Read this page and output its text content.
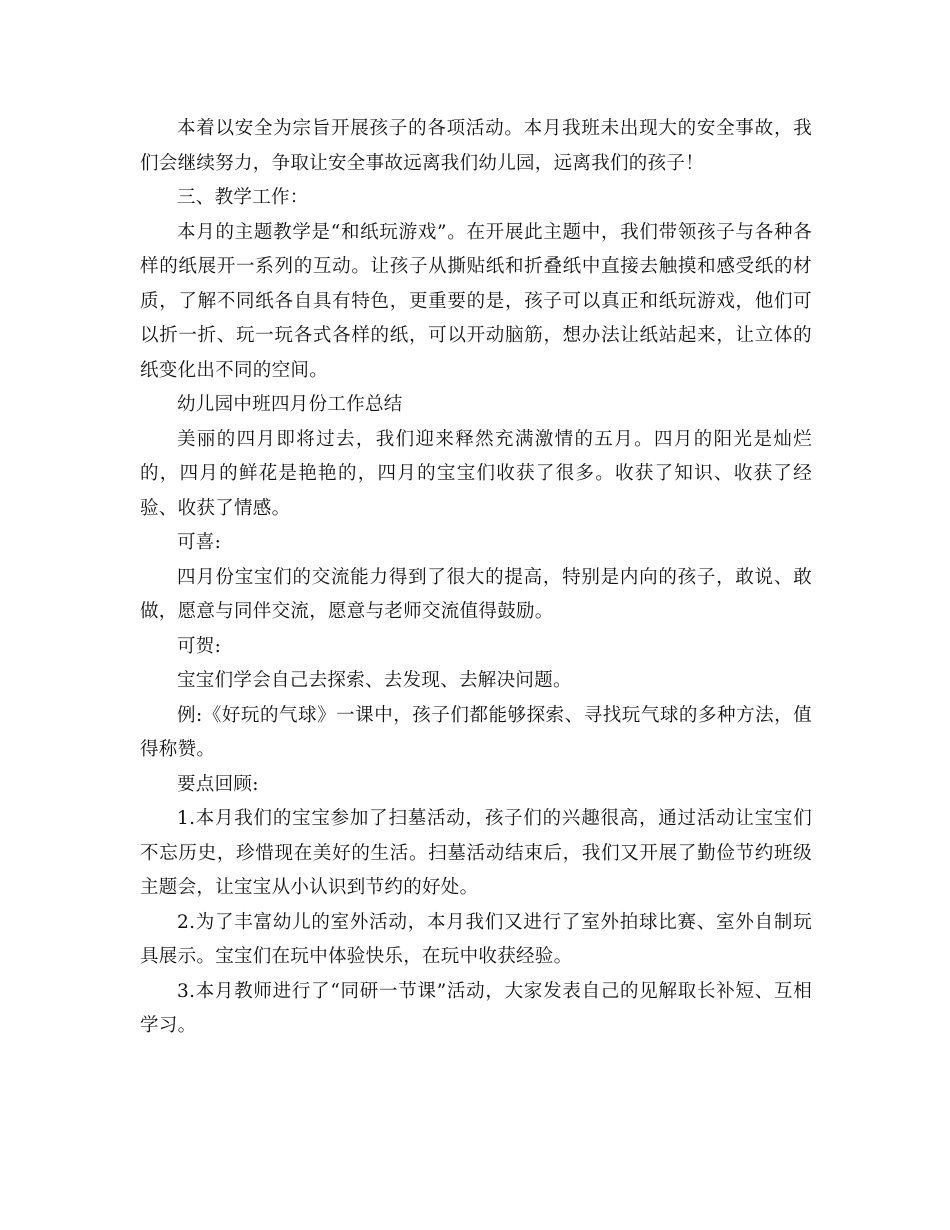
本着以安全为宗旨开展孩子的各项活动。本月我班未出现大的安全事故，我们会继续努力，争取让安全事故远离我们幼儿园，远离我们的孩子！

三、教学工作：

本月的主题教学是“和纸玩游戏”。在开展此主题中，我们带领孩子与各种各样的纸展开一系列的互动。让孩子从撕贴纸和折叠纸中直接去触摸和感受纸的材质，了解不同纸各自具有特色，更重要的是，孩子可以真正和纸玩游戏，他们可以折一折、玩一玩各式各样的纸，可以开动脑筋，想办法让纸站起来，让立体的纸变化出不同的空间。

幼儿园中班四月份工作总结

美丽的四月即将过去，我们迎来释然充满激情的五月。四月的阳光是灿烂的，四月的鲜花是艳艳的，四月的宝宝们收获了很多。收获了知识、收获了经验、收获了情感。

可喜:

四月份宝宝们的交流能力得到了很大的提高，特别是内向的孩子，敢说、敢做，愿意与同伴交流，愿意与老师交流值得鼓励。

可贺:

宝宝们学会自己去探索、去发现、去解决问题。

例:《好玩的气球》一课中，孩子们都能够探索、寻找玩气球的多种方法，值得称赞。

要点回顾:

1.本月我们的宝宝参加了扫墓活动，孩子们的兴趣很高，通过活动让宝宝们不忘历史，珍惜现在美好的生活。扫墓活动结束后，我们又开展了勤俭节约班级主题会，让宝宝从小认识到节约的好处。

2.为了丰富幼儿的室外活动，本月我们又进行了室外拍球比赛、室外自制玩具展示。宝宝们在玩中体验快乐，在玩中收获经验。

3.本月教师进行了“同研一节课”活动，大家发表自己的见解取长补短、互相学习。
